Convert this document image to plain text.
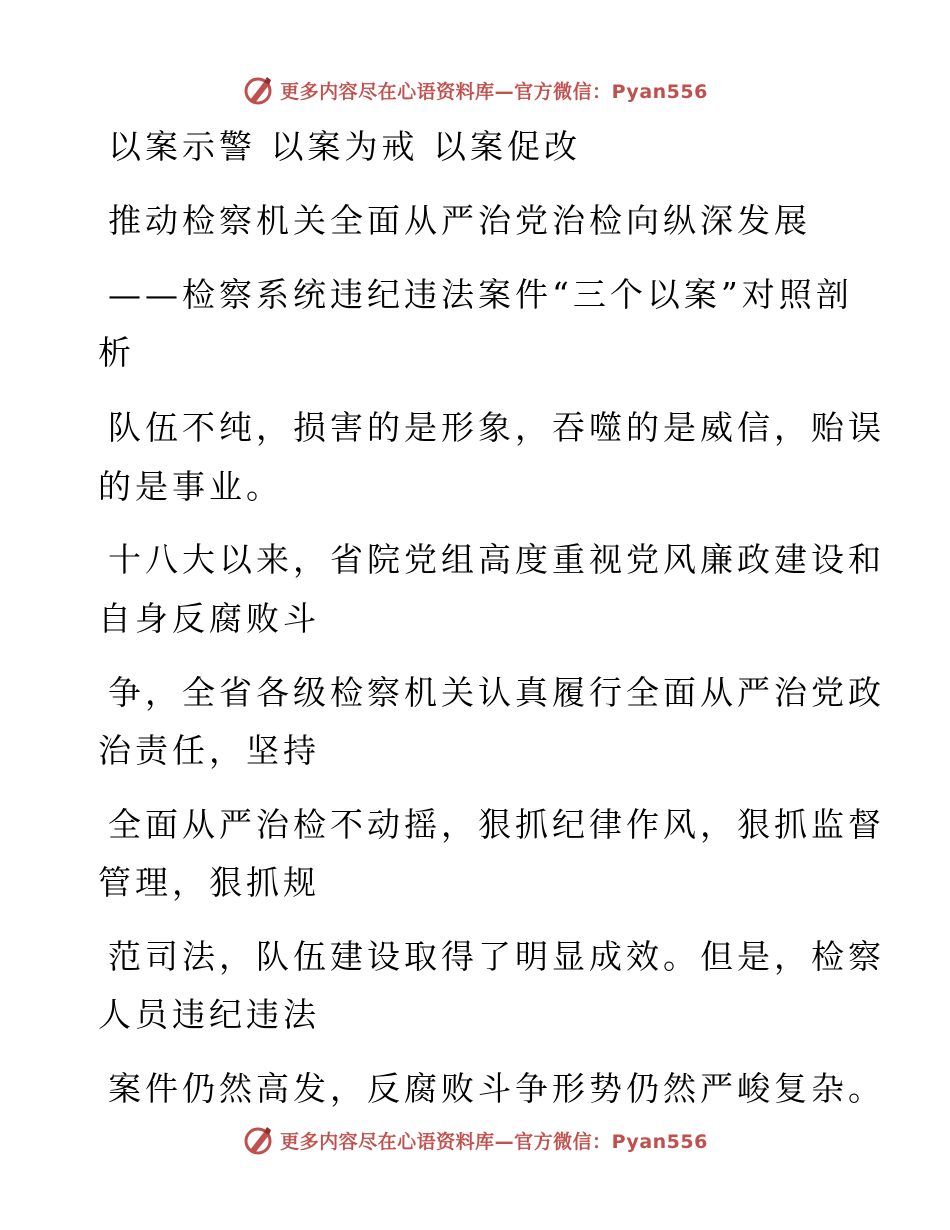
更多内容尽在心语资料库—官方微信：Pyan556
以案示警 以案为戒 以案促改
推动检察机关全面从严治党治检向纵深发展
——检察系统违纪违法案件“三个以案”对照剖
析
队伍不纯，损害的是形象，吞噬的是威信，贻误
的是事业。
十八大以来，省院党组高度重视党风廉政建设和
自身反腐败斗
争，全省各级检察机关认真履行全面从严治党政
治责任，坚持
全面从严治检不动摇，狠抓纪律作风，狠抓监督
管理，狠抓规
范司法，队伍建设取得了明显成效。但是，检察
人员违纪违法
案件仍然高发，反腐败斗争形势仍然严峻复杂。
更多内容尽在心语资料库—官方微信：Pyan556
